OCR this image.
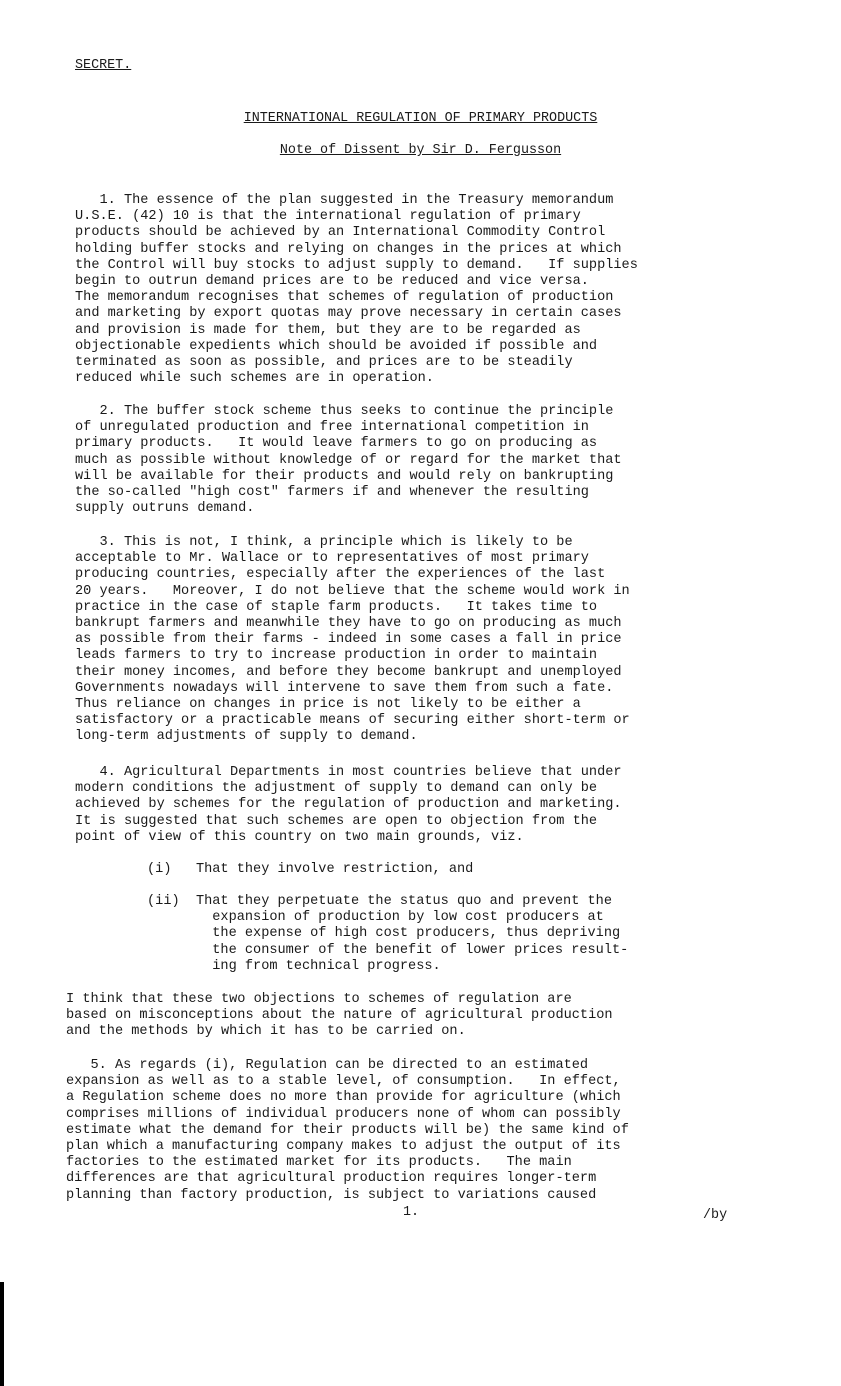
SECRET.
INTERNATIONAL REGULATION OF PRIMARY PRODUCTS
Note of Dissent by Sir D. Fergusson
1. The essence of the plan suggested in the Treasury memorandum
U.S.E. (42) 10 is that the international regulation of primary
products should be achieved by an International Commodity Control
holding buffer stocks and relying on changes in the prices at which
the Control will buy stocks to adjust supply to demand.   If supplies
begin to outrun demand prices are to be reduced and vice versa.
The memorandum recognises that schemes of regulation of production
and marketing by export quotas may prove necessary in certain cases
and provision is made for them, but they are to be regarded as
objectionable expedients which should be avoided if possible and
terminated as soon as possible, and prices are to be steadily
reduced while such schemes are in operation.
2. The buffer stock scheme thus seeks to continue the principle
of unregulated production and free international competition in
primary products.   It would leave farmers to go on producing as
much as possible without knowledge of or regard for the market that
will be available for their products and would rely on bankrupting
the so-called "high cost" farmers if and whenever the resulting
supply outruns demand.
3. This is not, I think, a principle which is likely to be
acceptable to Mr. Wallace or to representatives of most primary
producing countries, especially after the experiences of the last
20 years.   Moreover, I do not believe that the scheme would work in
practice in the case of staple farm products.   It takes time to
bankrupt farmers and meanwhile they have to go on producing as much
as possible from their farms - indeed in some cases a fall in price
leads farmers to try to increase production in order to maintain
their money incomes, and before they become bankrupt and unemployed
Governments nowadays will intervene to save them from such a fate.
Thus reliance on changes in price is not likely to be either a
satisfactory or a practicable means of securing either short-term or
long-term adjustments of supply to demand.
4. Agricultural Departments in most countries believe that under
modern conditions the adjustment of supply to demand can only be
achieved by schemes for the regulation of production and marketing.
It is suggested that such schemes are open to objection from the
point of view of this country on two main grounds, viz.
(i)   That they involve restriction, and
(ii)  That they perpetuate the status quo and prevent the
expansion of production by low cost producers at
the expense of high cost producers, thus depriving
the consumer of the benefit of lower prices result-
ing from technical progress.
I think that these two objections to schemes of regulation are
based on misconceptions about the nature of agricultural production
and the methods by which it has to be carried on.
5. As regards (i), Regulation can be directed to an estimated
expansion as well as to a stable level, of consumption.   In effect,
a Regulation scheme does no more than provide for agriculture (which
comprises millions of individual producers none of whom can possibly
estimate what the demand for their products will be) the same kind of
plan which a manufacturing company makes to adjust the output of its
factories to the estimated market for its products.   The main
differences are that agricultural production requires longer-term
planning than factory production, is subject to variations caused
1.	/by
